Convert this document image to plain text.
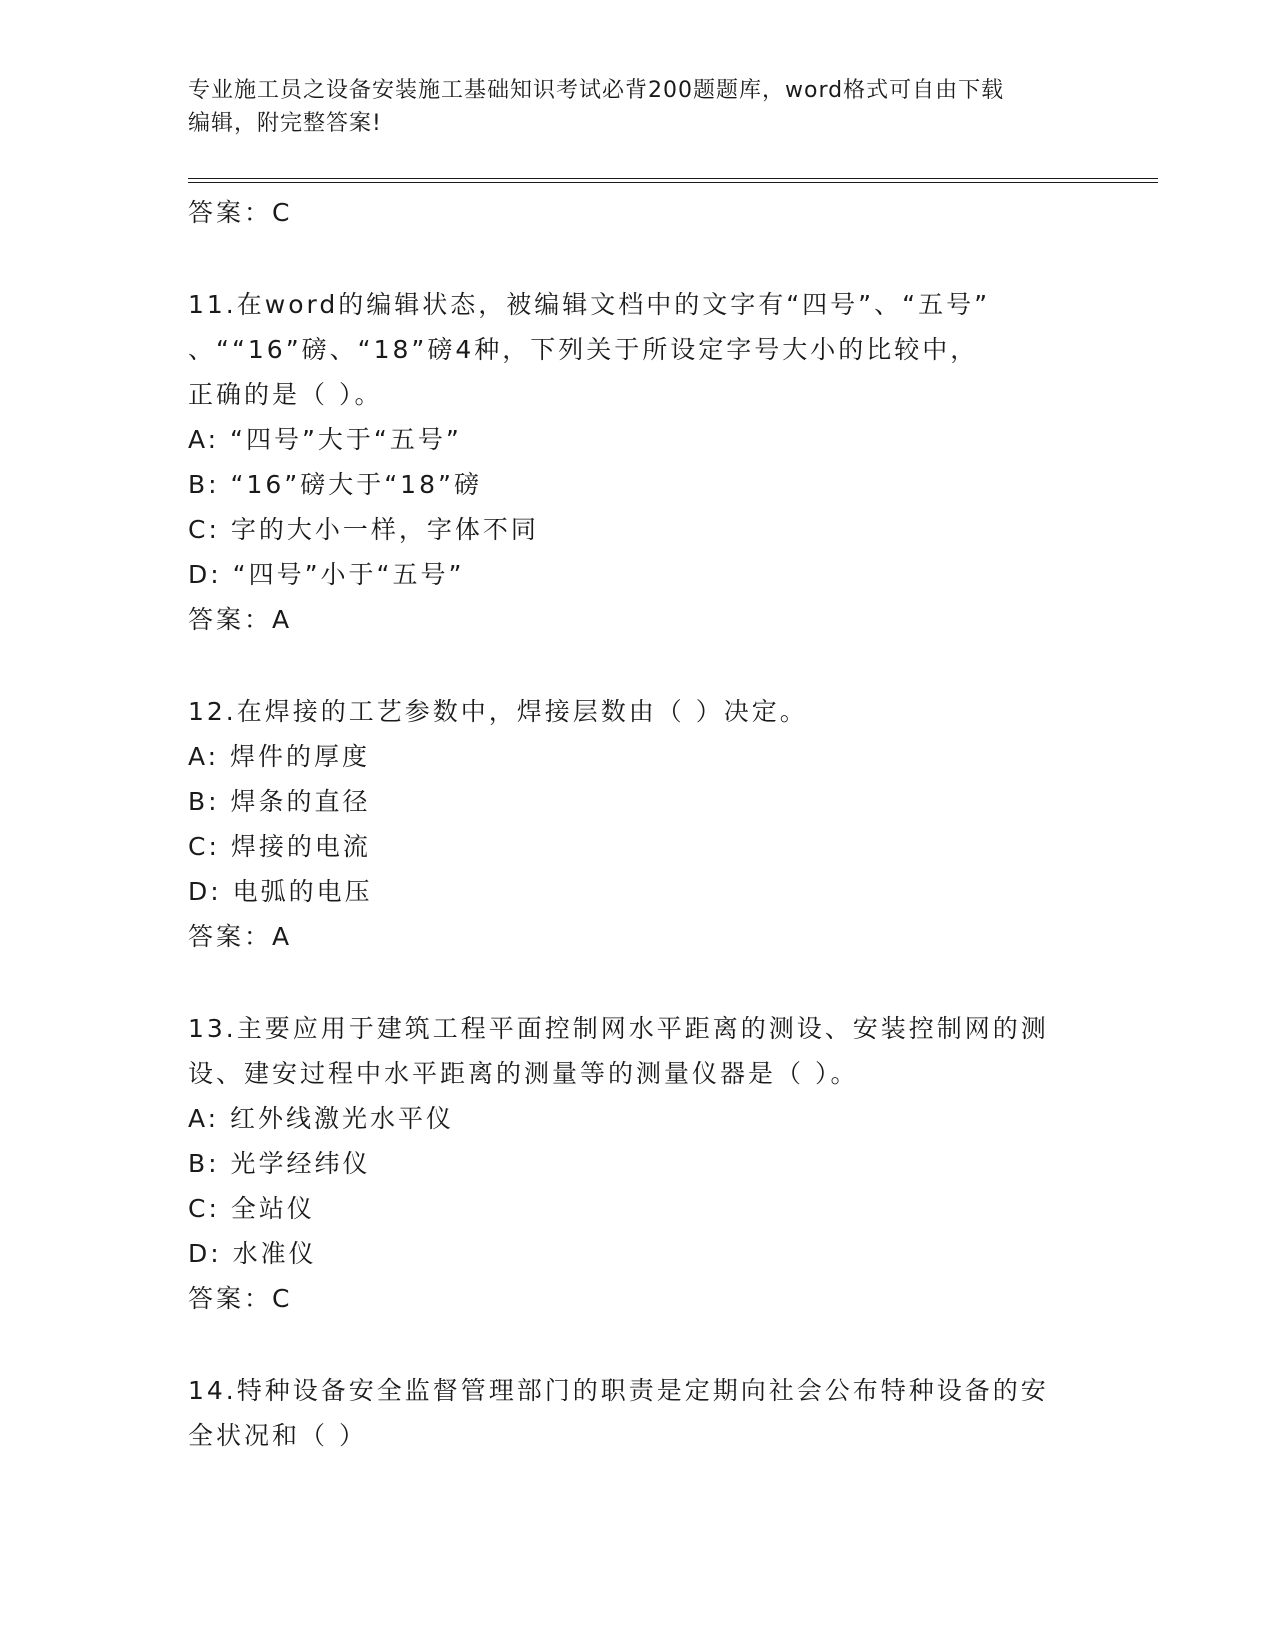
专业施工员之设备安装施工基础知识考试必背200题题库，word格式可自由下载
编辑，附完整答案!
答案：C
11.在word的编辑状态，被编辑文档中的文字有“四号”、“五号”
、““16”磅、“18”磅4种，下列关于所设定字号大小的比较中，
正确的是（ ）。
A: “四号”大于“五号”
B: “16”磅大于“18”磅
C: 字的大小一样，字体不同
D: “四号”小于“五号”
答案：A
12.在焊接的工艺参数中，焊接层数由（ ）决定。
A: 焊件的厚度
B: 焊条的直径
C: 焊接的电流
D: 电弧的电压
答案：A
13.主要应用于建筑工程平面控制网水平距离的测设、安装控制网的测
设、建安过程中水平距离的测量等的测量仪器是（ ）。
A: 红外线激光水平仪
B: 光学经纬仪
C: 全站仪
D: 水准仪
答案：C
14.特种设备安全监督管理部门的职责是定期向社会公布特种设备的安
全状况和（ ）
